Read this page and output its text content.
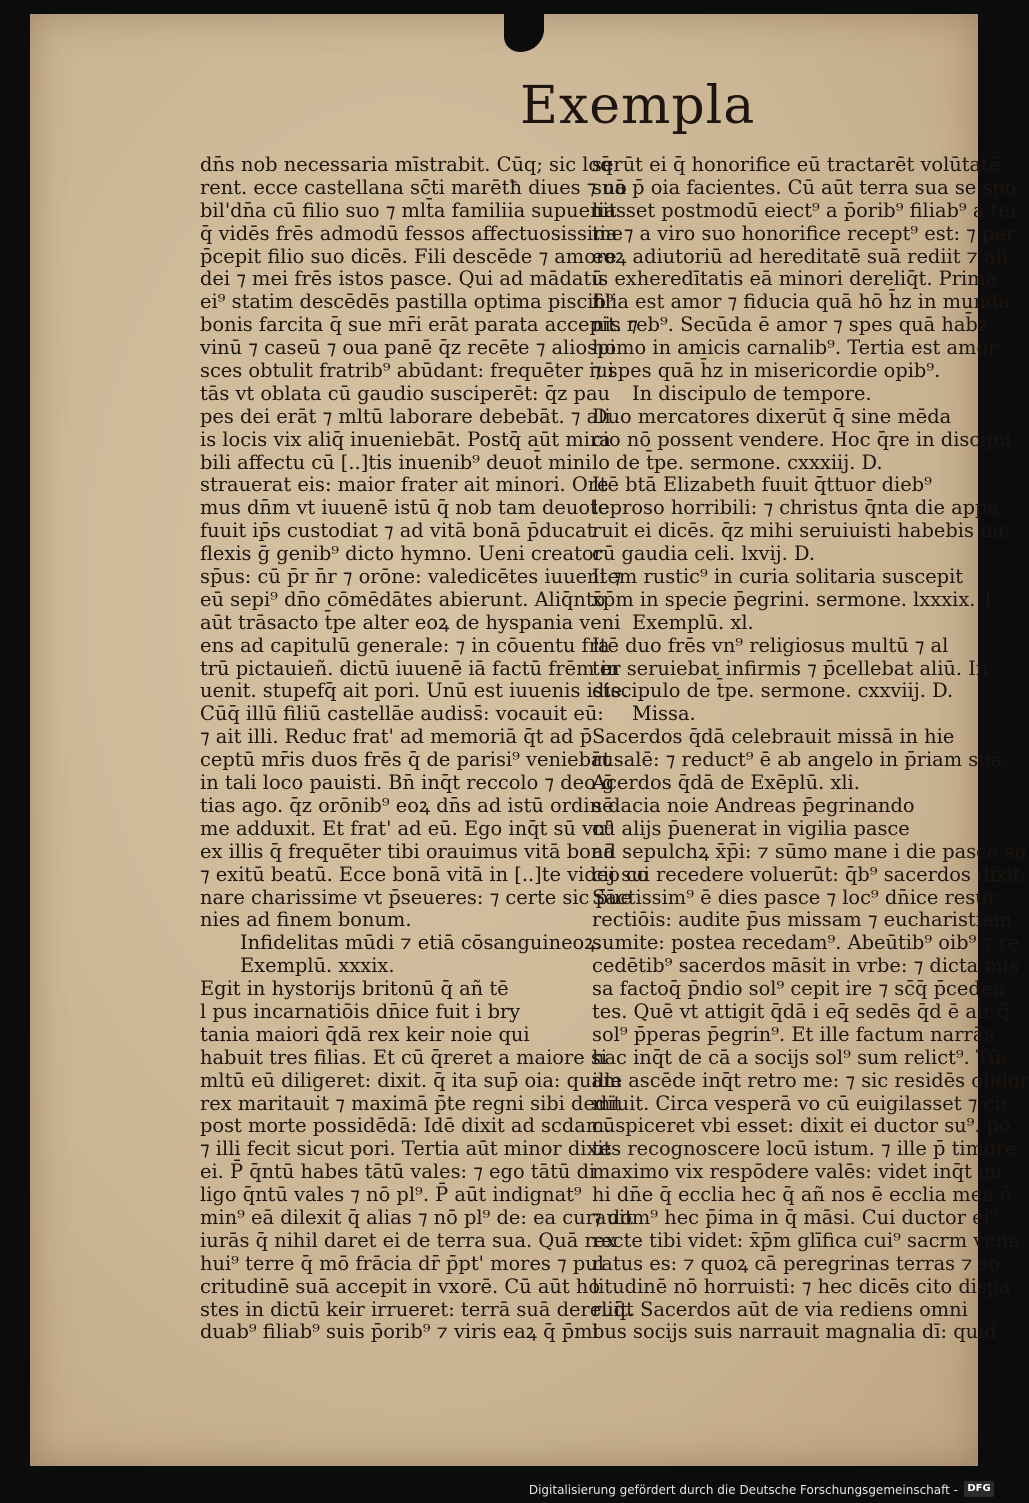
Exempla
dn̄s nob necessaria mīstrabit. Cūq; sic loq̄
rent. ecce castellana sc̄ti marētħ diues ⁊ no
bil'dn̄a cū filio suo ⁊ mlt̄a familiia supuenit
q̄ vidēs frēs admodū fessos affectuosissime
p̄cepit filio suo dicēs. Fili descēde ⁊ amore
dei ⁊ mei frēs istos pasce. Qui ad mādatū
ei⁹ statim descēdēs pastilla optima piscib⁹
bonis farcita q̄ sue mr̄i erāt parata accepit. ⁊
vinū ⁊ caseū ⁊ oua panē q̄z recēte ⁊ aliospi
sces obtulit fratrib⁹ abūdant: frequēter iui
tās vt oblata cū gaudio susciperēt: q̄z pau
pes dei erāt ⁊ mltū laborare debebāt. ⁊ ali
is locis vix aliq̄ inueniebāt. Postq̄ aūt mira
bili affectu cū [..]tis inuenib⁹ deuot̄ mini
strauerat eis: maior frater ait minori. Ore
mus dn̄m vt iuuenē istū q̄ nob tam deuote
fuuit ip̄s custodiat ⁊ ad vitā bonā p̄ducat
flexis ḡ genib⁹ dicto hymno. Ueni creator
sp̄us: cū p̄r n̄r ⁊ orōne: valedicētes iuueni ⁊
eū sepi⁹ dn̄o cōmēdātes abierunt. Aliq̄nto
aūt trāsacto t̄pe alter eoꝝ de hyspania veni
ens ad capitulū generale: ⁊ in cōuentu fra
trū pictauieñ. dictū iuuenē iā factū frēm in
uenit. stupefq̄ ait pori. Unū est iuuenis iste.
Cūq̄ illū filiū castellāe audiss̄: vocauit eū:
⁊ ait illi. Reduc frat' ad memoriā q̄t ad p̄
ceptū mr̄is duos frēs q̄ de parisi⁹ veniebāt
in tali loco pauisti. Bn̄ inq̄t reccolo ⁊ deo ḡ
tias ago. q̄z orōnib⁹ eoꝝ dn̄s ad istū ordinē
me adduxit. Et frat' ad eū. Ego inq̄t sū vn⁹
ex illis q̄ frequēter tibi orauimus vitā bonā
⁊ exitū beatū. Ecce bonā vitā in [..]te video co
nare charissime vt p̄seueres: ⁊ certe sic p̄ue
nies ad finem bonum.
Infidelitas mūdi ⁊ etiā cōsanguineoꝝ.
Exemplū. xxxix.
Egit in hystorijs britonū q̄ añ tē
l pus incarnatiōis dn̄ice fuit i bry
tania maiori q̄dā rex keir noie qui
habuit tres filias. Et cū q̄reret a maiore si
mltū eū diligeret: dixit. q̄ ita sup̄ oia: quam
rex maritauit ⁊ maximā p̄te regni sibi dedit
post morte possidēdā: Idē dixit ad scdam.
⁊ illi fecit sicut pori. Tertia aūt minor dixit
ei. P̄ q̄ntū habes tātū vales: ⁊ ego tātū di
ligo q̄ntū vales ⁊ nō pl⁹. P̄ aūt indignat⁹
min⁹ eā dilexit q̄ alias ⁊ nō pl⁹ de: ea curauit
iurās q̄ nihil daret ei de terra sua. Quā rex
hui⁹ terre q̄ mō frācia dr̄ p̄pt' mores ⁊ pul
critudinē suā accepit in vxorē. Cū aūt ho
stes in dictū keir irrueret: terrā suā dereliq̄t
duab⁹ filiab⁹ suis p̄orib⁹ ⁊ viris eaꝝ q̄ p̄mi
serūt ei q̄ honorifice eū tractarēt volūtatē
suā p̄ oia facientes. Cū aūt terra sua se spo
liasset postmodū eiect⁹ a p̄orib⁹ filiab⁹ a ter
tia ⁊ a viro suo honorifice recept⁹ est: ⁊ per
eoꝝ adiutoriū ad hereditatē suā rediit ⁊ ali
is exheredītatis eā minori dereliq̄t. Prima
filia est amor ⁊ fiducia quā hō h̄z in munda
nis reb⁹. Secūda ē amor ⁊ spes quā hab̄z
homo in amicis carnalib⁹. Tertia est amor
⁊ spes quā h̄z in misericordie opib⁹.
In discipulo de tempore.
Duo mercatores dixerūt q̄ sine mēda
cio nō possent vendere. Hoc q̄re in discipu
lo de t̄pe. sermone. cxxxiij. D.
Itē btā Elizabeth fuuit q̄ttuor dieb⁹
leproso horribili: ⁊ christus q̄nta die appa
ruit ei dicēs. q̄z mihi seruiuisti habebis me
cū gaudia celi. lxvij. D.
Item rustic⁹ in curia solitaria suscepit
x̄p̄m in specie p̄egrini. sermone. lxxxix. T.
Exemplū. xl.
Itē duo frēs vn⁹ religiosus multū ⁊ al
ter seruiebat infirmis ⁊ p̄cellebat aliū. In
discipulo de t̄pe. sermone. cxxviij. D.
Missa.
Sacerdos q̄dā celebrauit missā in hie
rusalē: ⁊ reduct⁹ ē ab angelo in p̄riam suā.
Acerdos q̄dā de Exēplū. xli.
s dacia noie Andreas p̄egrinando
cū alijs p̄uenerat in vigilia pasce
ad sepulchꝝ x̄p̄i: ⁊ sūmo mane i die pasce so
cij sui recedere voluerūt: q̄b⁹ sacerdos dixit.
Sāctissim⁹ ē dies pasce ⁊ loc⁹ dn̄ice resur
rectiōis: audite p̄us missam ⁊ eucharistiam
sumite: postea recedam⁹. Abeūtib⁹ oib⁹ ⁊ re
cedētib⁹ sacerdos māsit in vrbe: ⁊ dicta mis
sa factoq̄ p̄ndio sol⁹ cepit ire ⁊ sc̄q̄ p̄ceden
tes. Quē vt attigit q̄dā i eq̄ sedēs q̄d ē ait q̄
sol⁹ p̄peras p̄egrin⁹. Et ille factum narrās
hac inq̄t de cā a socijs sol⁹ sum relict⁹. Tūc
ille ascēde inq̄t retro me: ⁊ sic residēs obdor
miuit. Circa vesperā vo cū euigilasset ⁊ cir
cūspiceret vbi esset: dixit ei ductor su⁹. po
tes recognoscere locū istum. ⁊ ille p̄ timore
maximo vix respōdere valēs: videt inq̄t mi
hi dn̄e q̄ ecclia hec q̄ añ nos ē ecclia mea ē
⁊ dom⁹ hec p̄ima in q̄ māsi. Cui ductor ei⁹
recte tibi videt: x̄p̄m glīfica cui⁹ sacrm vene
ratus es: ⁊ quoꝝ cā peregrinas terras ⁊ so
litudinē nō horruisti: ⁊ hec dicēs cito dispa
ruit. Sacerdos aūt de via rediens omni
bus socijs suis narrauit magnalia dī: quid
Digitalisierung gefördert durch die Deutsche Forschungsgemeinschaft - DFG
